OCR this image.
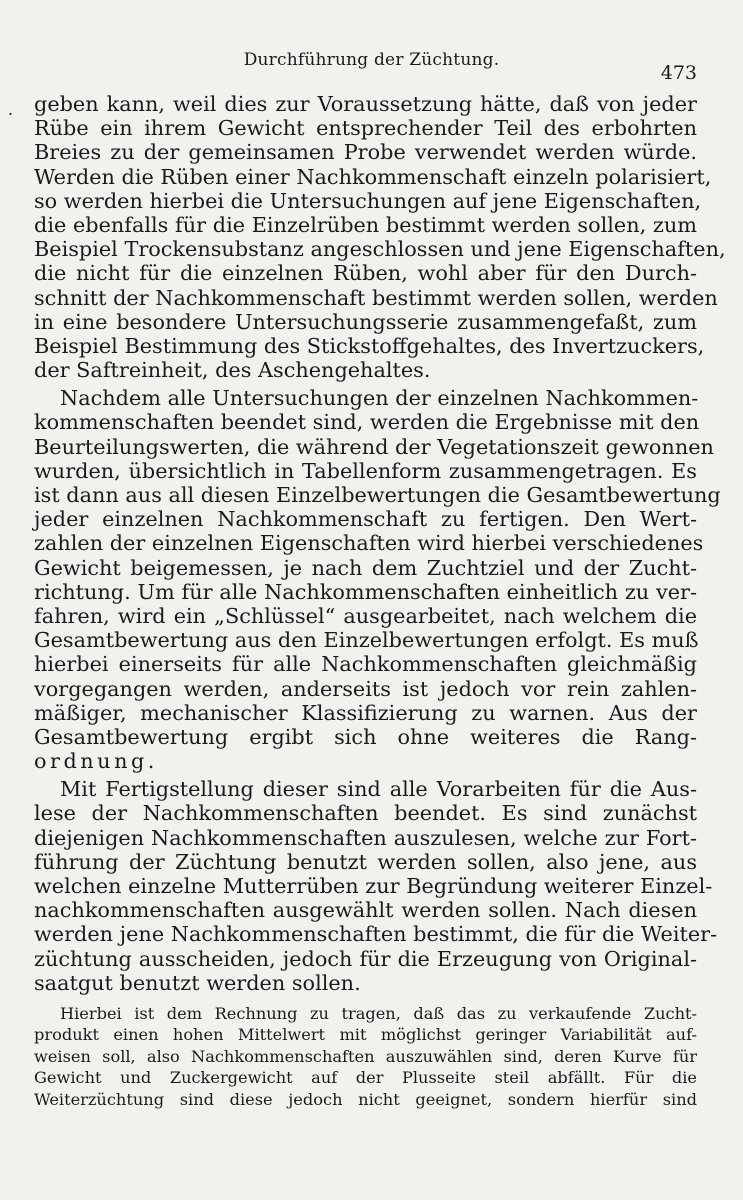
Durchführung der Züchtung.
473
. geben kann, weil dies zur Voraussetzung hätte, daß von jeder
Rübe ein ihrem Gewicht entsprechender Teil des erbohrten
Breies zu der gemeinsamen Probe verwendet werden würde.
Werden die Rüben einer Nachkommenschaft einzeln polarisiert,
so werden hierbei die Untersuchungen auf jene Eigenschaften,
die ebenfalls für die Einzelrüben bestimmt werden sollen, zum
Beispiel Trockensubstanz angeschlossen und jene Eigenschaften,
die nicht für die einzelnen Rüben, wohl aber für den Durch-
schnitt der Nachkommenschaft bestimmt werden sollen, werden
in eine besondere Untersuchungsserie zusammengefaßt, zum
Beispiel Bestimmung des Stickstoffgehaltes, des Invertzuckers,
der Saftreinheit, des Aschengehaltes.
Nachdem alle Untersuchungen der einzelnen Nachkommen-
kommenschaften beendet sind, werden die Ergebnisse mit den
Beurteilungswerten, die während der Vegetationszeit gewonnen
wurden, übersichtlich in Tabellenform zusammengetragen. Es
ist dann aus all diesen Einzelbewertungen die Gesamtbewertung
jeder einzelnen Nachkommenschaft zu fertigen. Den Wert-
zahlen der einzelnen Eigenschaften wird hierbei verschiedenes
Gewicht beigemessen, je nach dem Zuchtziel und der Zucht-
richtung. Um für alle Nachkommenschaften einheitlich zu ver-
fahren, wird ein „Schlüssel“ ausgearbeitet, nach welchem die
Gesamtbewertung aus den Einzelbewertungen erfolgt. Es muß
hierbei einerseits für alle Nachkommenschaften gleichmäßig
vorgegangen werden, anderseits ist jedoch vor rein zahlen-
mäßiger, mechanischer Klassifizierung zu warnen. Aus der
Gesamtbewertung ergibt sich ohne weiteres die Rang-
ordnung.
Mit Fertigstellung dieser sind alle Vorarbeiten für die Aus-
lese der Nachkommenschaften beendet. Es sind zunächst
diejenigen Nachkommenschaften auszulesen, welche zur Fort-
führung der Züchtung benutzt werden sollen, also jene, aus
welchen einzelne Mutterrüben zur Begründung weiterer Einzel-
nachkommenschaften ausgewählt werden sollen. Nach diesen
werden jene Nachkommenschaften bestimmt, die für die Weiter-
züchtung ausscheiden, jedoch für die Erzeugung von Original-
saatgut benutzt werden sollen.
Hierbei ist dem Rechnung zu tragen, daß das zu verkaufende Zucht-
produkt einen hohen Mittelwert mit möglichst geringer Variabilität auf-
weisen soll, also Nachkommenschaften auszuwählen sind, deren Kurve für
Gewicht und Zuckergewicht auf der Plusseite steil abfällt. Für die
Weiterzüchtung sind diese jedoch nicht geeignet, sondern hierfür sind
